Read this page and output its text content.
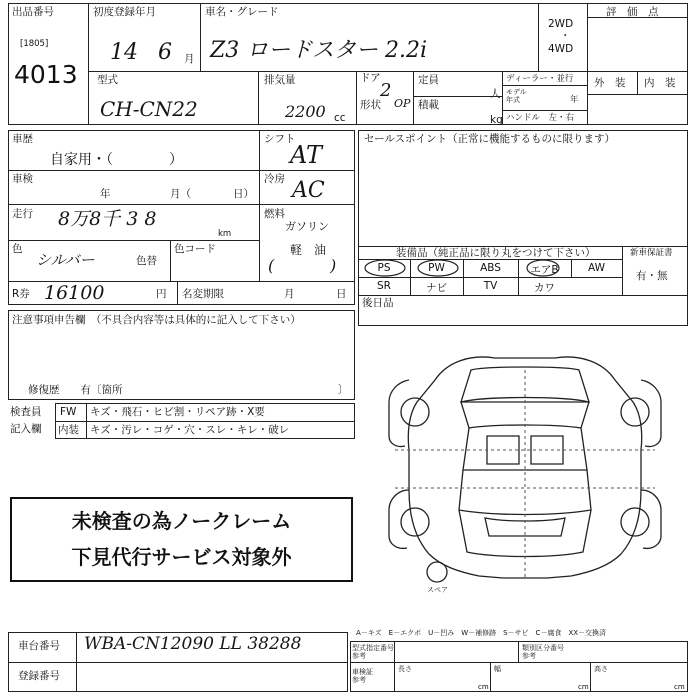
出品番号
[1805]
4013
初度登録年月
14 6 月
車名・グレード
Z3 ロードスター 2.2i
2WD
・
4WD
評　価　点
型式
CH-CN22
排気量
2200 cc
ドア
2
形状 OP
定員
人
積載
kg
ディーラー・並行
モデル
年式	年
ハンドル　左・右
外　装 内　装
車歴
自家用・（　　　　）
シフト
AT
車検
年	月（	日）
冷房 AC
走行 8万8千 3 8
km
燃料
ガソリン
軽　油
(	)
色
シルバー	色替
色コード
R券 16100	円 名変期限	月	日
注意事項申告欄　（不具合内容等は具体的に記入して下さい）
修復歴　　有〔箇所	〕
検査員
記入欄
FW キズ・飛石・ヒビ割・リペア跡・X要
内装 キズ・汚レ・コゲ・穴・スレ・キレ・破レ
未検査の為ノークレーム
下見代行サービス対象外
セールスポイント（正常に機能するものに限ります）
装備品（純正品に限り丸をつけて下さい）	新車保証書
有・無
PS	PW	ABS	エアB	AW
SR	ナビ	TV	カワ
後日品
スペア
車台番号 WBA-CN12090 LL 38288
登録番号
A－キズ　E－エクボ　U－凹み　W－補修跡　S－サビ　C－腐食　XX－交換済
型式指定番号
参考
類別区分番号
参考
車検証
参考
長さ
cm
幅
cm
高さ
cm
